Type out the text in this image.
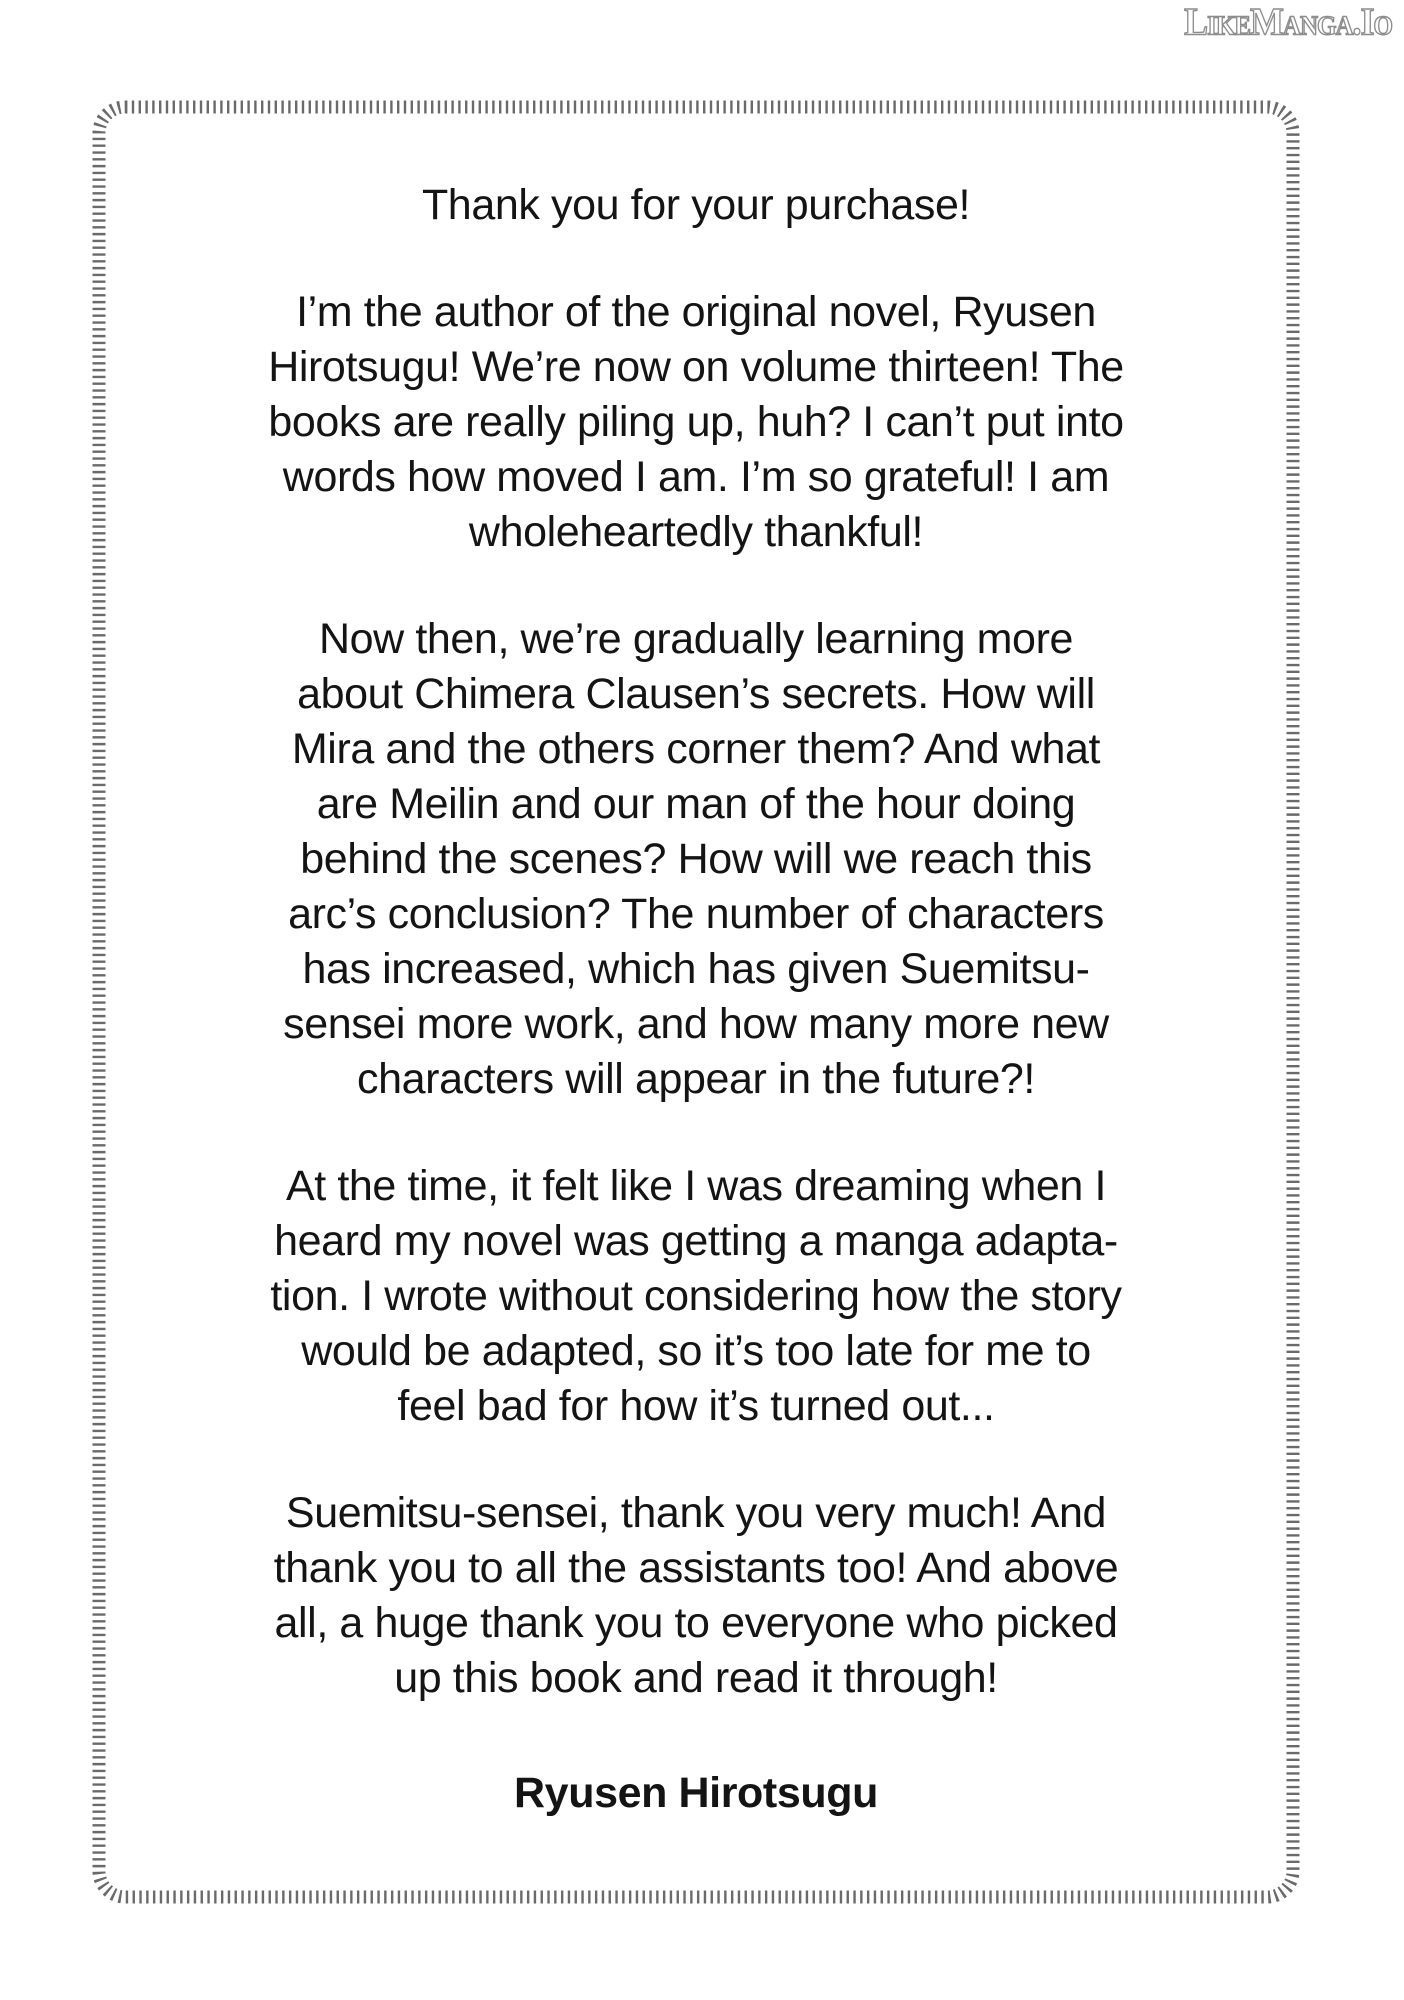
LikeManga.Io
Thank you for your purchase!
I’m the author of the original novel, Ryusen
Hirotsugu! We’re now on volume thirteen! The
books are really piling up, huh? I can’t put into
words how moved I am. I’m so grateful! I am
wholeheartedly thankful!
Now then, we’re gradually learning more
about Chimera Clausen’s secrets. How will
Mira and the others corner them? And what
are Meilin and our man of the hour doing
behind the scenes? How will we reach this
arc’s conclusion? The number of characters
has increased, which has given Suemitsu-
sensei more work, and how many more new
characters will appear in the future?!
At the time, it felt like I was dreaming when I
heard my novel was getting a manga adapta-
tion. I wrote without considering how the story
would be adapted, so it’s too late for me to
feel bad for how it’s turned out...
Suemitsu-sensei, thank you very much! And
thank you to all the assistants too! And above
all, a huge thank you to everyone who picked
up this book and read it through!
Ryusen Hirotsugu
